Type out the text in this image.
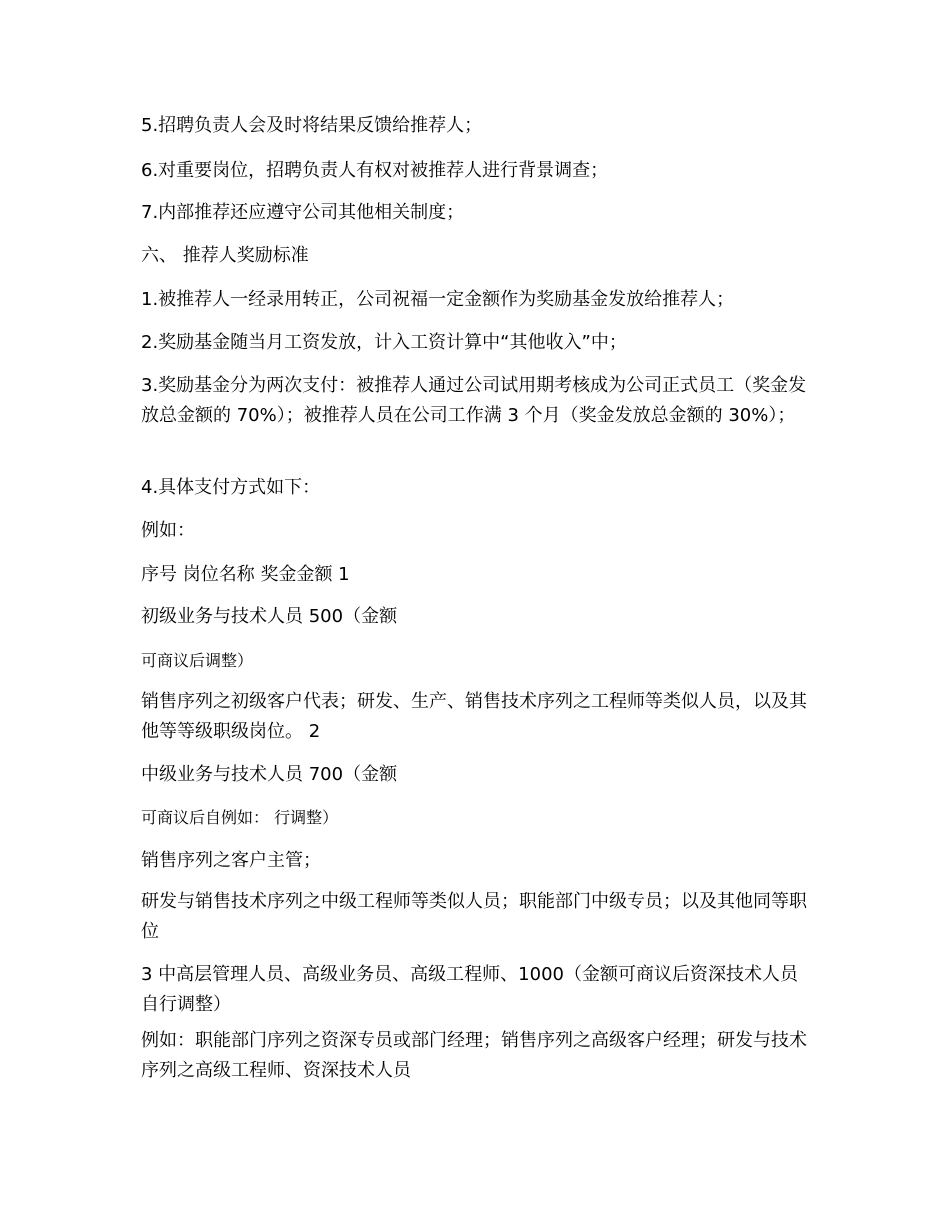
5.招聘负责人会及时将结果反馈给推荐人；
6.对重要岗位，招聘负责人有权对被推荐人进行背景调查；
7.内部推荐还应遵守公司其他相关制度；
六、 推荐人奖励标准
1.被推荐人一经录用转正，公司祝福一定金额作为奖励基金发放给推荐人；
2.奖励基金随当月工资发放，计入工资计算中“其他收入”中；
3.奖励基金分为两次支付：被推荐人通过公司试用期考核成为公司正式员工（奖金发放总金额的 70%）；被推荐人员在公司工作满 3 个月（奖金发放总金额的 30%）；
4.具体支付方式如下：
例如：
序号 岗位名称 奖金金额 1
初级业务与技术人员 500（金额
可商议后调整）
销售序列之初级客户代表；研发、生产、销售技术序列之工程师等类似人员，以及其他等等级职级岗位。 2
中级业务与技术人员 700（金额
可商议后自例如： 行调整）
销售序列之客户主管；
研发与销售技术序列之中级工程师等类似人员；职能部门中级专员；以及其他同等职位
3 中高层管理人员、高级业务员、高级工程师、1000（金额可商议后资深技术人员 自行调整）
例如：职能部门序列之资深专员或部门经理；销售序列之高级客户经理；研发与技术序列之高级工程师、资深技术人员
